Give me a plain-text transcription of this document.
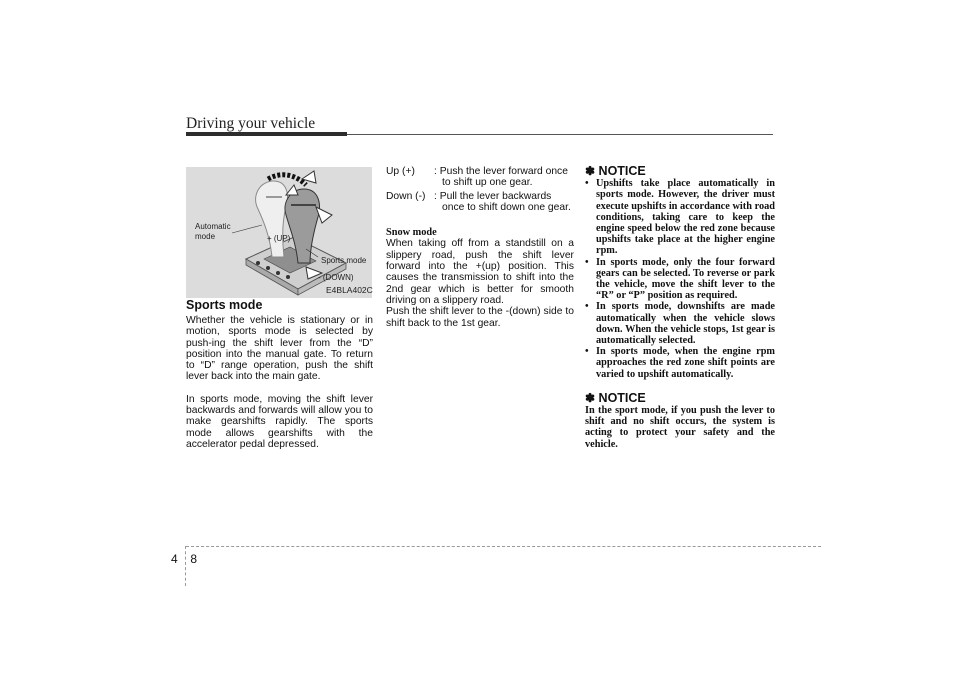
Driving your vehicle
Automatic
mode	+ (UP)
Sports mode
- (DOWN)
E4BLA402C
Sports mode

Whether the vehicle is stationary or in motion, sports mode is selected by push-ing the shift lever from the “D” position into the manual gate. To return to “D” range operation, push the shift lever back into the main gate.

In sports mode, moving the shift lever backwards and forwards will allow you to make gearshifts rapidly. The sports mode allows gearshifts with the accelerator pedal depressed.

Up (+)	: Push the lever forward once to shift up one gear.
Down (-) : Pull the lever backwards once to shift down one gear.
Snow mode

When taking off from a standstill on a slippery road, push the shift lever forward into the +(up) position. This causes the transmission to shift into the 2nd gear which is better for smooth driving on a slippery road.

Push the shift lever to the -(down) side to shift back to the 1st gear.

✽ NOTICE
• Upshifts take place automatically in sports mode. However, the driver must execute upshifts in accordance with road conditions, taking care to keep the engine speed below the red zone because upshifts take place at the higher engine rpm.
• In sports mode, only the four forward gears can be selected. To reverse or park the vehicle, move the shift lever to the “R” or “P” position as required.
• In sports mode, downshifts are made automatically when the vehicle slows down. When the vehicle stops, 1st gear is automatically selected.
• In sports mode, when the engine rpm approaches the red zone shift points are varied to upshift automatically.
✽ NOTICE

In the sport mode, if you push the lever to shift and no shift occurs, the system is acting to protect your safety and the vehicle.

4 8
